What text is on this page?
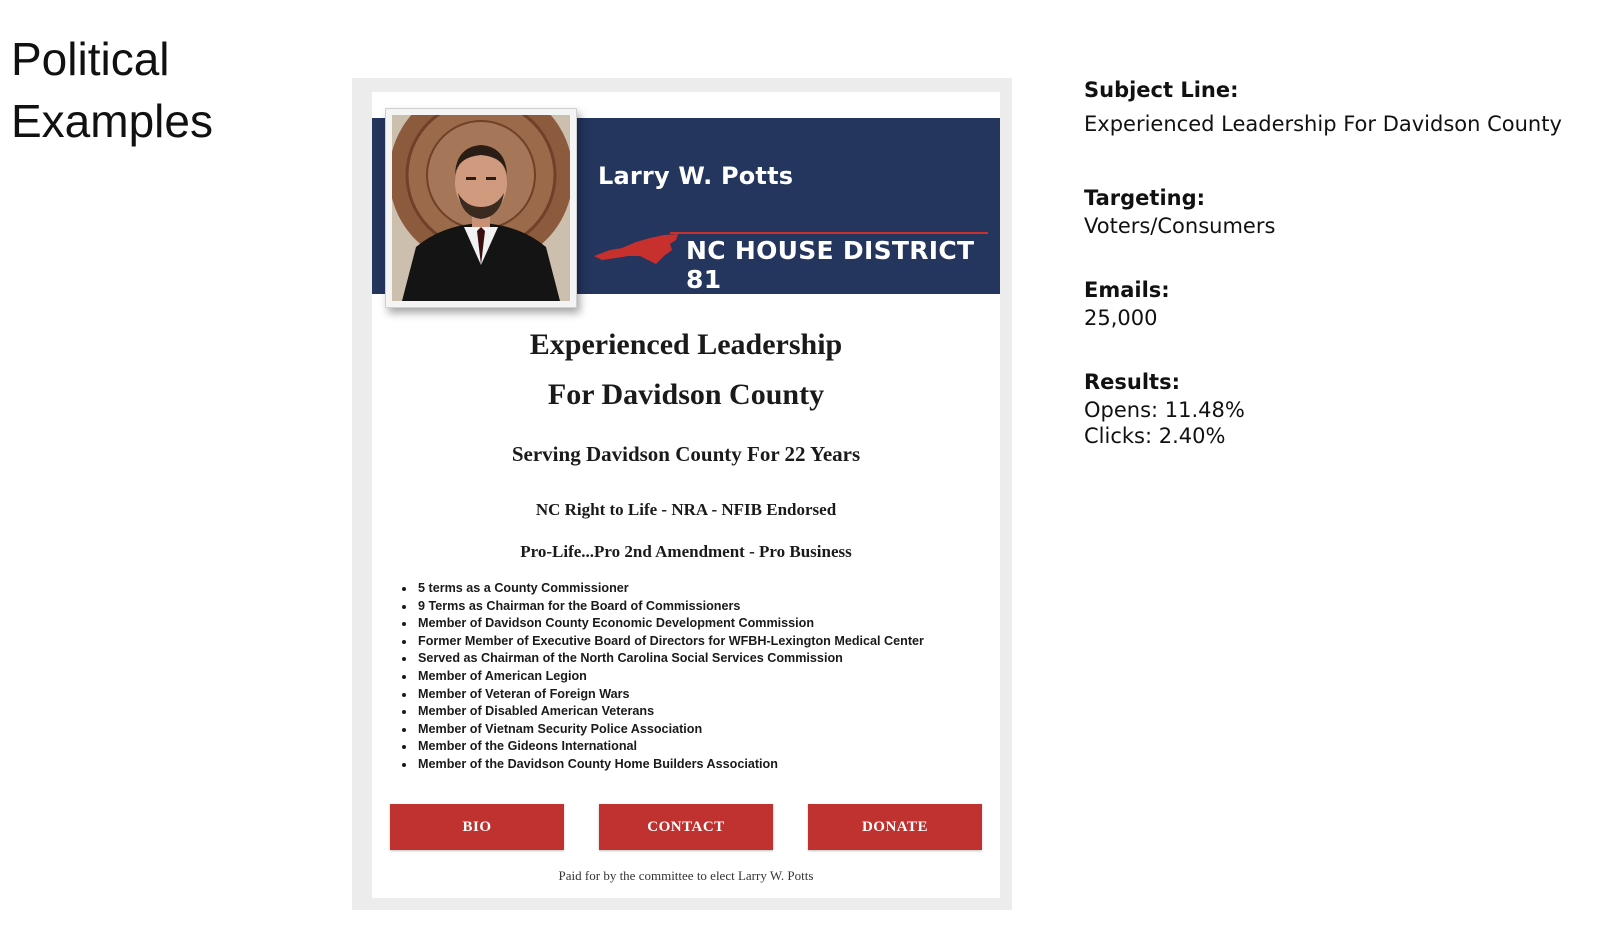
Political
Examples
Larry W. Potts
NC HOUSE DISTRICT 81
Experienced Leadership
For Davidson County
Serving Davidson County For 22 Years
NC Right to Life - NRA - NFIB Endorsed
Pro-Life...Pro 2nd Amendment - Pro Business
• 5 terms as a County Commissioner
• 9 Terms as Chairman for the Board of Commissioners
• Member of Davidson County Economic Development Commission
• Former Member of Executive Board of Directors for WFBH-Lexington Medical Center
• Served as Chairman of the North Carolina Social Services Commission
• Member of American Legion
• Member of Veteran of Foreign Wars
• Member of Disabled American Veterans
• Member of Vietnam Security Police Association
• Member of the Gideons International
• Member of the Davidson County Home Builders Association
BIO	CONTACT	DONATE
Paid for by the committee to elect Larry W. Potts
Subject Line:
Experienced Leadership For Davidson County
Targeting:
Voters/Consumers
Emails:
25,000
Results:
Opens: 11.48%
Clicks: 2.40%
